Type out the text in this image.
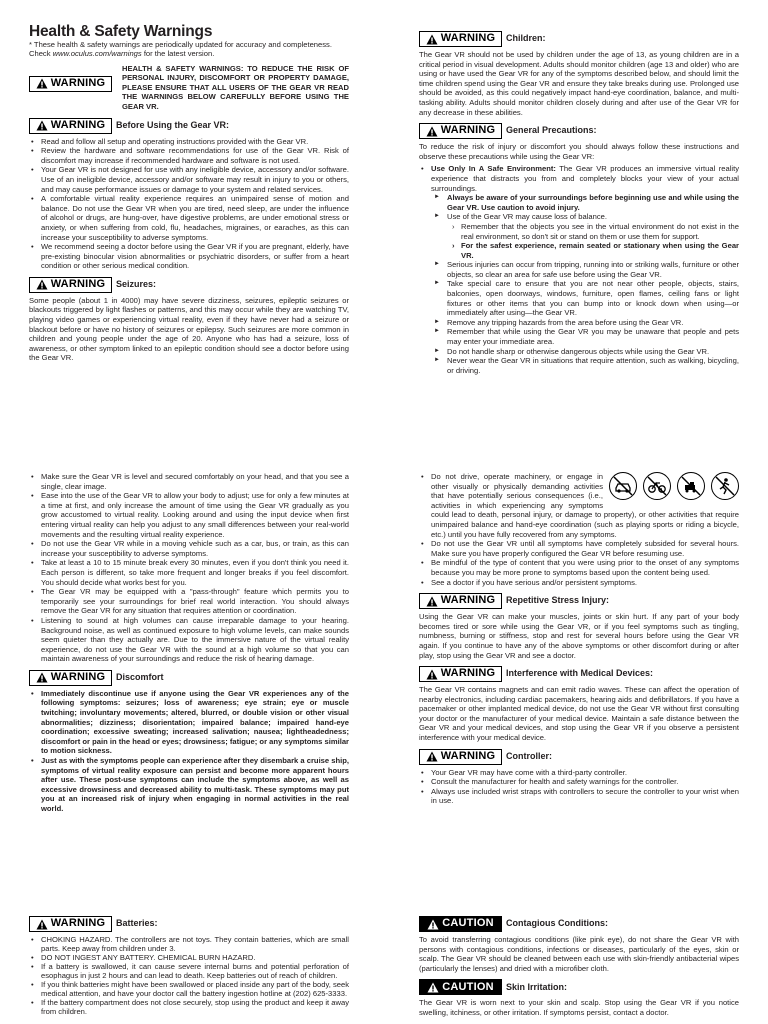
Health & Safety Warnings
* These health & safety warnings are periodically updated for accuracy and completeness. Check www.oculus.com/warnings for the latest version.
WARNING
HEALTH & SAFETY WARNINGS: TO REDUCE THE RISK OF PERSONAL INJURY, DISCOMFORT OR PROPERTY DAMAGE, PLEASE ENSURE THAT ALL USERS OF THE GEAR VR READ THE WARNINGS BELOW CAREFULLY BEFORE USING THE GEAR VR.
WARNING Before Using the Gear VR:
• Read and follow all setup and operating instructions provided with the Gear VR.
• Review the hardware and software recommendations for use of the Gear VR. Risk of discomfort may increase if recommended hardware and software is not used.
• Your Gear VR is not designed for use with any ineligible device, accessory and/or software. Use of an ineligible device, accessory and/or software may result in injury to you or others, and may cause performance issues or damage to your system and related services.
• A comfortable virtual reality experience requires an unimpaired sense of motion and balance. Do not use the Gear VR when you are tired, need sleep, are under the influence of alcohol or drugs, are hung-over, have digestive problems, are under emotional stress or anxiety, or when suffering from cold, flu, headaches, migraines, or earaches, as this can increase your susceptibility to adverse symptoms.
• We recommend seeing a doctor before using the Gear VR if you are pregnant, elderly, have pre-existing binocular vision abnormalities or psychiatric disorders, or suffer from a heart condition or other serious medical condition.
WARNING Seizures:

Some people (about 1 in 4000) may have severe dizziness, seizures, epileptic seizures or blackouts triggered by light flashes or patterns, and this may occur while they are watching TV, playing video games or experiencing virtual reality, even if they have never had a seizure or blackout before or have no history of seizures or epilepsy. Such seizures are more common in children and young people under the age of 20. Anyone who has had a seizure, loss of awareness, or other symptom linked to an epileptic condition should see a doctor before using the Gear VR.

WARNING Children:

The Gear VR should not be used by children under the age of 13, as young children are in a critical period in visual development. Adults should monitor children (age 13 and older) who are using or have used the Gear VR for any of the symptoms described below, and should limit the time children spend using the Gear VR and ensure they take breaks during use. Prolonged use should be avoided, as this could negatively impact hand-eye coordination, balance, and multi-tasking ability. Adults should monitor children closely during and after use of the Gear VR for any decrease in these abilities.

WARNING General Precautions:

To reduce the risk of injury or discomfort you should always follow these instructions and observe these precautions while using the Gear VR:

• Use Only In A Safe Environment: The Gear VR produces an immersive virtual reality experience that distracts you from and completely blocks your view of your actual surroundings.
► Always be aware of your surroundings before beginning use and while using the Gear VR. Use caution to avoid injury.
► Use of the Gear VR may cause loss of balance.
› Remember that the objects you see in the virtual environment do not exist in the real environment, so don't sit or stand on them or use them for support.
› For the safest experience, remain seated or stationary when using the Gear VR.
► Serious injuries can occur from tripping, running into or striking walls, furniture or other objects, so clear an area for safe use before using the Gear VR.
► Take special care to ensure that you are not near other people, objects, stairs, balconies, open doorways, windows, furniture, open flames, ceiling fans or light fixtures or other items that you can bump into or knock down when using—or immediately after using—the Gear VR.
► Remove any tripping hazards from the area before using the Gear VR.
► Remember that while using the Gear VR you may be unaware that people and pets may enter your immediate area.
► Do not handle sharp or otherwise dangerous objects while using the Gear VR.
► Never wear the Gear VR in situations that require attention, such as walking, bicycling, or driving.
• Make sure the Gear VR is level and secured comfortably on your head, and that you see a single, clear image.
• Ease into the use of the Gear VR to allow your body to adjust; use for only a few minutes at a time at first, and only increase the amount of time using the Gear VR gradually as you grow accustomed to virtual reality. Looking around and using the input device when first entering virtual reality can help you adjust to any small differences between your real-world movements and the resulting virtual reality experience.
• Do not use the Gear VR while in a moving vehicle such as a car, bus, or train, as this can increase your susceptibility to adverse symptoms.
• Take at least a 10 to 15 minute break every 30 minutes, even if you don't think you need it. Each person is different, so take more frequent and longer breaks if you feel discomfort. You should decide what works best for you.
• The Gear VR may be equipped with a "pass-through" feature which permits you to temporarily see your surroundings for brief real world interaction. You should always remove the Gear VR for any situation that requires attention or coordination.
• Listening to sound at high volumes can cause irreparable damage to your hearing. Background noise, as well as continued exposure to high volume levels, can make sounds seem quieter than they actually are. Due to the immersive nature of the virtual reality experience, do not use the Gear VR with the sound at a high volume so that you can maintain awareness of your surroundings and reduce the risk of hearing damage.
WARNING Discomfort
• Immediately discontinue use if anyone using the Gear VR experiences any of the following symptoms: seizures; loss of awareness; eye strain; eye or muscle twitching; involuntary movements; altered, blurred, or double vision or other visual abnormalities; dizziness; disorientation; impaired balance; impaired hand-eye coordination; excessive sweating; increased salivation; nausea; lightheadedness; discomfort or pain in the head or eyes; drowsiness; fatigue; or any symptoms similar to motion sickness.
• Just as with the symptoms people can experience after they disembark a cruise ship, symptoms of virtual reality exposure can persist and become more apparent hours after use. These post-use symptoms can include the symptoms above, as well as excessive drowsiness and decreased ability to multi-task. These symptoms may put you at an increased risk of injury when engaging in normal activities in the real world.
• Do not drive, operate machinery, or engage in other visually or physically demanding activities that have potentially serious consequences (i.e., activities in which experiencing any symptoms could lead to death, personal injury, or damage to property), or other activities that require unimpaired balance and hand-eye coordination (such as playing sports or riding a bicycle, etc.) until you have fully recovered from any symptoms.
• Do not use the Gear VR until all symptoms have completely subsided for several hours. Make sure you have properly configured the Gear VR before resuming use.
• Be mindful of the type of content that you were using prior to the onset of any symptoms because you may be more prone to symptoms based upon the content being used.
• See a doctor if you have serious and/or persistent symptoms.
WARNING Repetitive Stress Injury:

Using the Gear VR can make your muscles, joints or skin hurt. If any part of your body becomes tired or sore while using the Gear VR, or if you feel symptoms such as tingling, numbness, burning or stiffness, stop and rest for several hours before using the Gear VR again. If you continue to have any of the above symptoms or other discomfort during or after play, stop using the Gear VR and see a doctor.

WARNING Interference with Medical Devices:

The Gear VR contains magnets and can emit radio waves. These can affect the operation of nearby electronics, including cardiac pacemakers, hearing aids and defibrillators. If you have a pacemaker or other implanted medical device, do not use the Gear VR without first consulting your doctor or the manufacturer of your medical device. Maintain a safe distance between the Gear VR and your medical devices, and stop using the Gear VR if you observe a persistent interference with your medical device.

WARNING Controller:
• Your Gear VR may have come with a third-party controller.
• Consult the manufacturer for health and safety warnings for the controller.
• Always use included wrist straps with controllers to secure the controller to your wrist when in use.
WARNING Batteries:
• CHOKING HAZARD. The controllers are not toys. They contain batteries, which are small parts. Keep away from children under 3.
• DO NOT INGEST ANY BATTERY. CHEMICAL BURN HAZARD.
• If a battery is swallowed, it can cause severe internal burns and potential perforation of esophagus in just 2 hours and can lead to death. Keep batteries out of reach of children.
• If you think batteries might have been swallowed or placed inside any part of the body, seek medical attention, and have your doctor call the battery ingestion hotline at (202) 625-3333.
• If the battery compartment does not close securely, stop using the product and keep it away from children.
CAUTION Contagious Conditions:

To avoid transferring contagious conditions (like pink eye), do not share the Gear VR with persons with contagious conditions, infections or diseases, particularly of the eyes, skin or scalp. The Gear VR should be cleaned between each use with skin-friendly antibacterial wipes (particularly the lenses) and dried with a microfiber cloth.

CAUTION Skin Irritation:

The Gear VR is worn next to your skin and scalp. Stop using the Gear VR if you notice swelling, itchiness, or other irritation. If symptoms persist, contact a doctor.
